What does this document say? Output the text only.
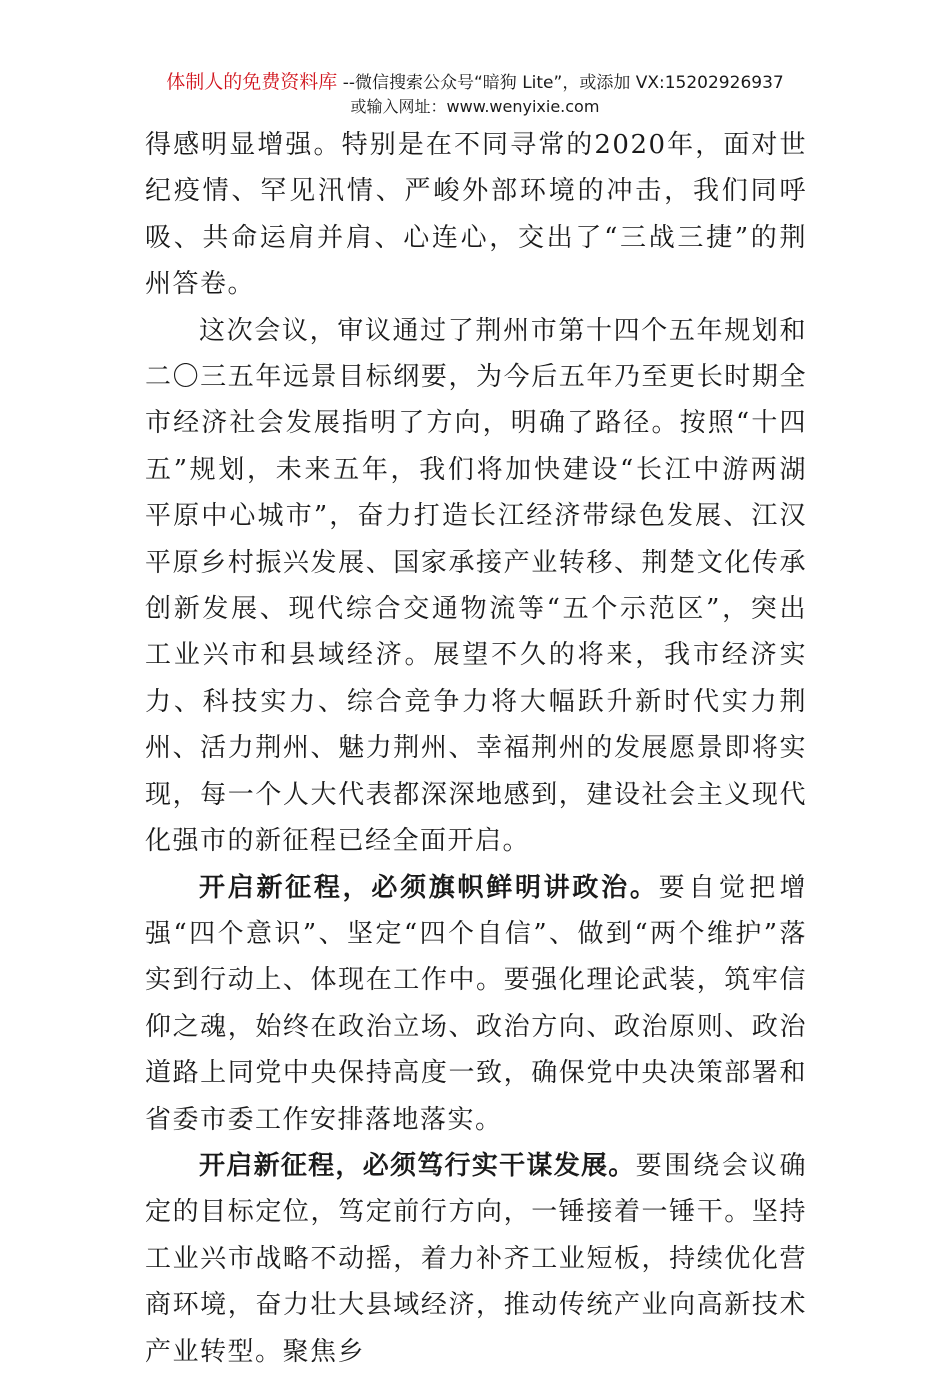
体制人的免费资料库 --微信搜索公众号“暗狗 Lite”，或添加 VX:15202926937
或输入网址：www.wenyixie.com

得感明显增强。特别是在不同寻常的2020年，面对世纪疫情、罕见汛情、严峻外部环境的冲击，我们同呼吸、共命运肩并肩、心连心，交出了“三战三捷”的荆州答卷。

这次会议，审议通过了荆州市第十四个五年规划和二〇三五年远景目标纲要，为今后五年乃至更长时期全市经济社会发展指明了方向，明确了路径。按照“十四五”规划，未来五年，我们将加快建设“长江中游两湖平原中心城市”，奋力打造长江经济带绿色发展、江汉平原乡村振兴发展、国家承接产业转移、荆楚文化传承创新发展、现代综合交通物流等“五个示范区”，突出工业兴市和县域经济。展望不久的将来，我市经济实力、科技实力、综合竞争力将大幅跃升新时代实力荆州、活力荆州、魅力荆州、幸福荆州的发展愿景即将实现，每一个人大代表都深深地感到，建设社会主义现代化强市的新征程已经全面开启。

开启新征程，必须旗帜鲜明讲政治。要自觉把增强“四个意识”、坚定“四个自信”、做到“两个维护”落实到行动上、体现在工作中。要强化理论武装，筑牢信仰之魂，始终在政治立场、政治方向、政治原则、政治道路上同党中央保持高度一致，确保党中央决策部署和省委市委工作安排落地落实。

开启新征程，必须笃行实干谋发展。要围绕会议确定的目标定位，笃定前行方向，一锤接着一锤干。坚持工业兴市战略不动摇，着力补齐工业短板，持续优化营商环境，奋力壮大县域经济，推动传统产业向高新技术产业转型。聚焦乡
